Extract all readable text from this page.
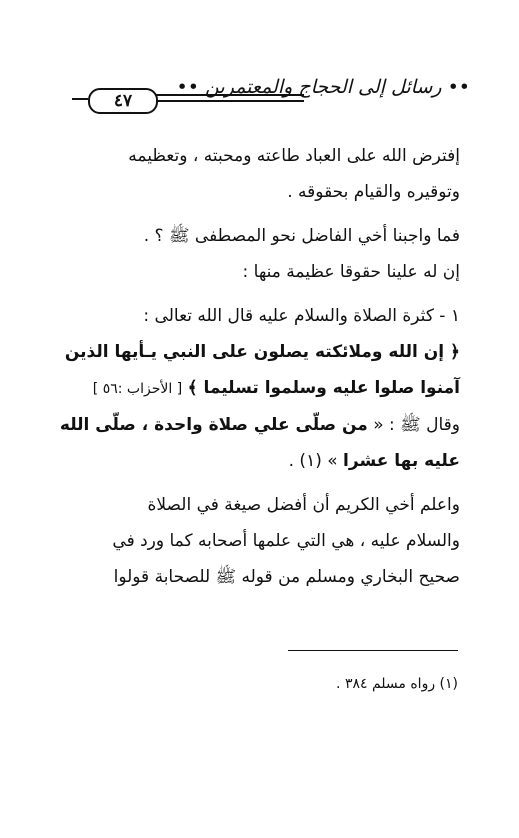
٤٧
•• رسائل إلى الحجاج والمعتمرين ••

إفترض الله على العباد طاعته ومحبته ، وتعظيمه
وتوقيره والقيام بحقوقه .

فما واجبنا أخي الفاضل نحو المصطفى ﷺ ؟ .
إن له علينا حقوقا عظيمة منها :

١ - كثرة الصلاة والسلام عليه قال الله تعالى :
﴿ إن الله وملائكته يصلون على النبي يـأيها الذين
آمنوا صلوا عليه وسلموا تسليما ﴾ [ الأحزاب :٥٦ ]
وقال ﷺ : « من صلّى علي صلاة واحدة ، صلّى الله
عليه بها عشرا » (١) .

واعلم أخي الكريم أن أفضل صيغة في الصلاة
والسلام عليه ، هي التي علمها أصحابه كما ورد في
صحيح البخاري ومسلم من قوله ﷺ للصحابة قولوا

(١) رواه مسلم ٣٨٤ .
